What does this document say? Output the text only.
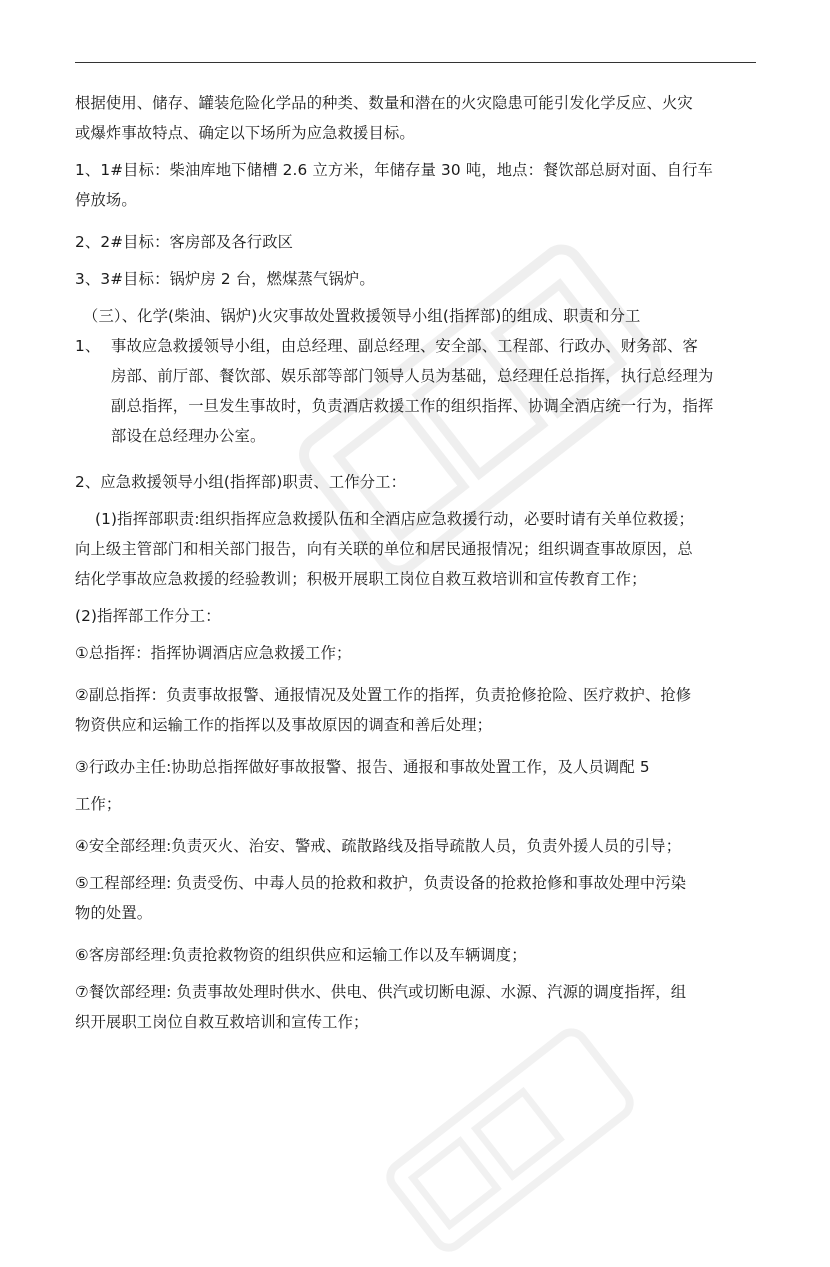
根据使用、储存、罐装危险化学品的种类、数量和潜在的火灾隐患可能引发化学反应、火灾
或爆炸事故特点、确定以下场所为应急救援目标。

1、1#目标：柴油库地下储槽 2.6 立方米，年储存量 30 吨，地点：餐饮部总厨对面、自行车
停放场。

2、2#目标：客房部及各行政区

3、3#目标：锅炉房 2 台，燃煤蒸气锅炉。

（三）、化学(柴油、锅炉)火灾事故处置救援领导小组(指挥部)的组成、职责和分工

1、 事故应急救援领导小组，由总经理、副总经理、安全部、工程部、行政办、财务部、客
房部、前厅部、餐饮部、娱乐部等部门领导人员为基础，总经理任总指挥，执行总经理为
副总指挥，一旦发生事故时，负责酒店救援工作的组织指挥、协调全酒店统一行为，指挥
部设在总经理办公室。

2、应急救援领导小组(指挥部)职责、工作分工：

(1)指挥部职责:组织指挥应急救援队伍和全酒店应急救援行动，必要时请有关单位救援；
向上级主管部门和相关部门报告，向有关联的单位和居民通报情况；组织调查事故原因，总
结化学事故应急救援的经验教训；积极开展职工岗位自救互救培训和宣传教育工作；

(2)指挥部工作分工：

①总指挥：指挥协调酒店应急救援工作；

②副总指挥：负责事故报警、通报情况及处置工作的指挥，负责抢修抢险、医疗救护、抢修
物资供应和运输工作的指挥以及事故原因的调查和善后处理；

③行政办主任:协助总指挥做好事故报警、报告、通报和事故处置工作，及人员调配 5

工作；

④安全部经理:负责灭火、治安、警戒、疏散路线及指导疏散人员，负责外援人员的引导；

⑤工程部经理: 负责受伤、中毒人员的抢救和救护，负责设备的抢救抢修和事故处理中污染
物的处置。

⑥客房部经理:负责抢救物资的组织供应和运输工作以及车辆调度；

⑦餐饮部经理: 负责事故处理时供水、供电、供汽或切断电源、水源、汽源的调度指挥，组
织开展职工岗位自救互救培训和宣传工作；
